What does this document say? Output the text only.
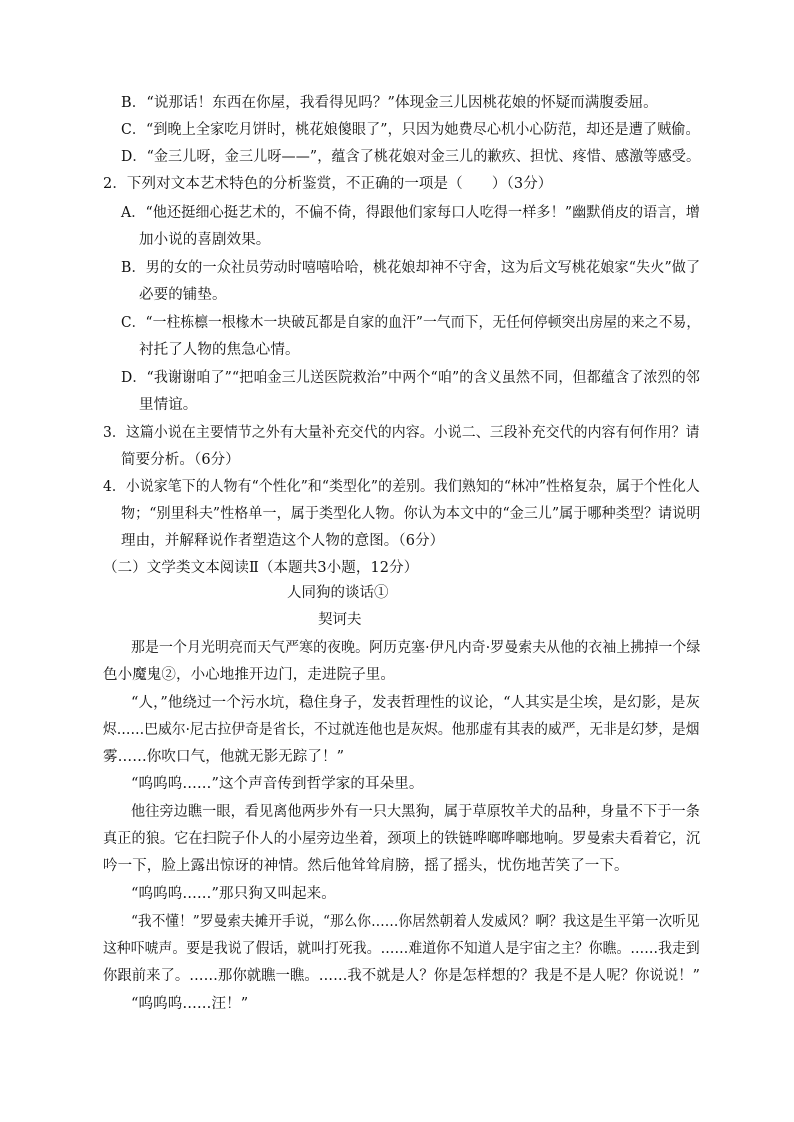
B．“说那话！东西在你屋，我看得见吗？”体现金三儿因桃花娘的怀疑而满腹委屈。
C．“到晚上全家吃月饼时，桃花娘傻眼了”，只因为她费尽心机小心防范，却还是遭了贼偷。
D．“金三儿呀，金三儿呀——”，蕴含了桃花娘对金三儿的歉疚、担忧、疼惜、感激等感受。
2．下列对文本艺术特色的分析鉴赏，不正确的一项是（　　）（3分）
A．“他还挺细心挺艺术的，不偏不倚，得跟他们家每口人吃得一样多！”幽默俏皮的语言，增
加小说的喜剧效果。
B．男的女的一众社员劳动时嘻嘻哈哈，桃花娘却神不守舍，这为后文写桃花娘家“失火”做了
必要的铺垫。
C．“一柱栋檩一根椽木一块破瓦都是自家的血汗”一气而下，无任何停顿突出房屋的来之不易，
衬托了人物的焦急心情。
D．“我谢谢咱了”“把咱金三儿送医院救治”中两个“咱”的含义虽然不同，但都蕴含了浓烈的邻
里情谊。
3．这篇小说在主要情节之外有大量补充交代的内容。小说二、三段补充交代的内容有何作用？请
简要分析。（6分）
4．小说家笔下的人物有“个性化”和“类型化”的差别。我们熟知的“林冲”性格复杂，属于个性化人
物；“别里科夫”性格单一，属于类型化人物。你认为本文中的“金三儿”属于哪种类型？请说明
理由，并解释说作者塑造这个人物的意图。（6分）
（二）文学类文本阅读Ⅱ（本题共3小题，12分）
人同狗的谈话①
契诃夫
那是一个月光明亮而天气严寒的夜晚。阿历克塞·伊凡内奇·罗曼索夫从他的衣袖上拂掉一个绿
色小魔鬼②，小心地推开边门，走进院子里。
“人，”他绕过一个污水坑，稳住身子，发表哲理性的议论，“人其实是尘埃，是幻影，是灰
烬……巴威尔·尼古拉伊奇是省长，不过就连他也是灰烬。他那虚有其表的威严，无非是幻梦，是烟
雾……你吹口气，他就无影无踪了！”
“呜呜呜……”这个声音传到哲学家的耳朵里。
他往旁边瞧一眼，看见离他两步外有一只大黑狗，属于草原牧羊犬的品种，身量不下于一条
真正的狼。它在扫院子仆人的小屋旁边坐着，颈项上的铁链哗啷哗啷地响。罗曼索夫看着它，沉
吟一下，脸上露出惊讶的神情。然后他耸耸肩膀，摇了摇头，忧伤地苦笑了一下。
“呜呜呜……”那只狗又叫起来。
“我不懂！”罗曼索夫摊开手说，“那么你……你居然朝着人发威风？啊？我这是生平第一次听见
这种吓唬声。要是我说了假话，就叫打死我。……难道你不知道人是宇宙之主？你瞧。……我走到
你跟前来了。……那你就瞧一瞧。……我不就是人？你是怎样想的？我是不是人呢？你说说！”
“呜呜呜……汪！”
